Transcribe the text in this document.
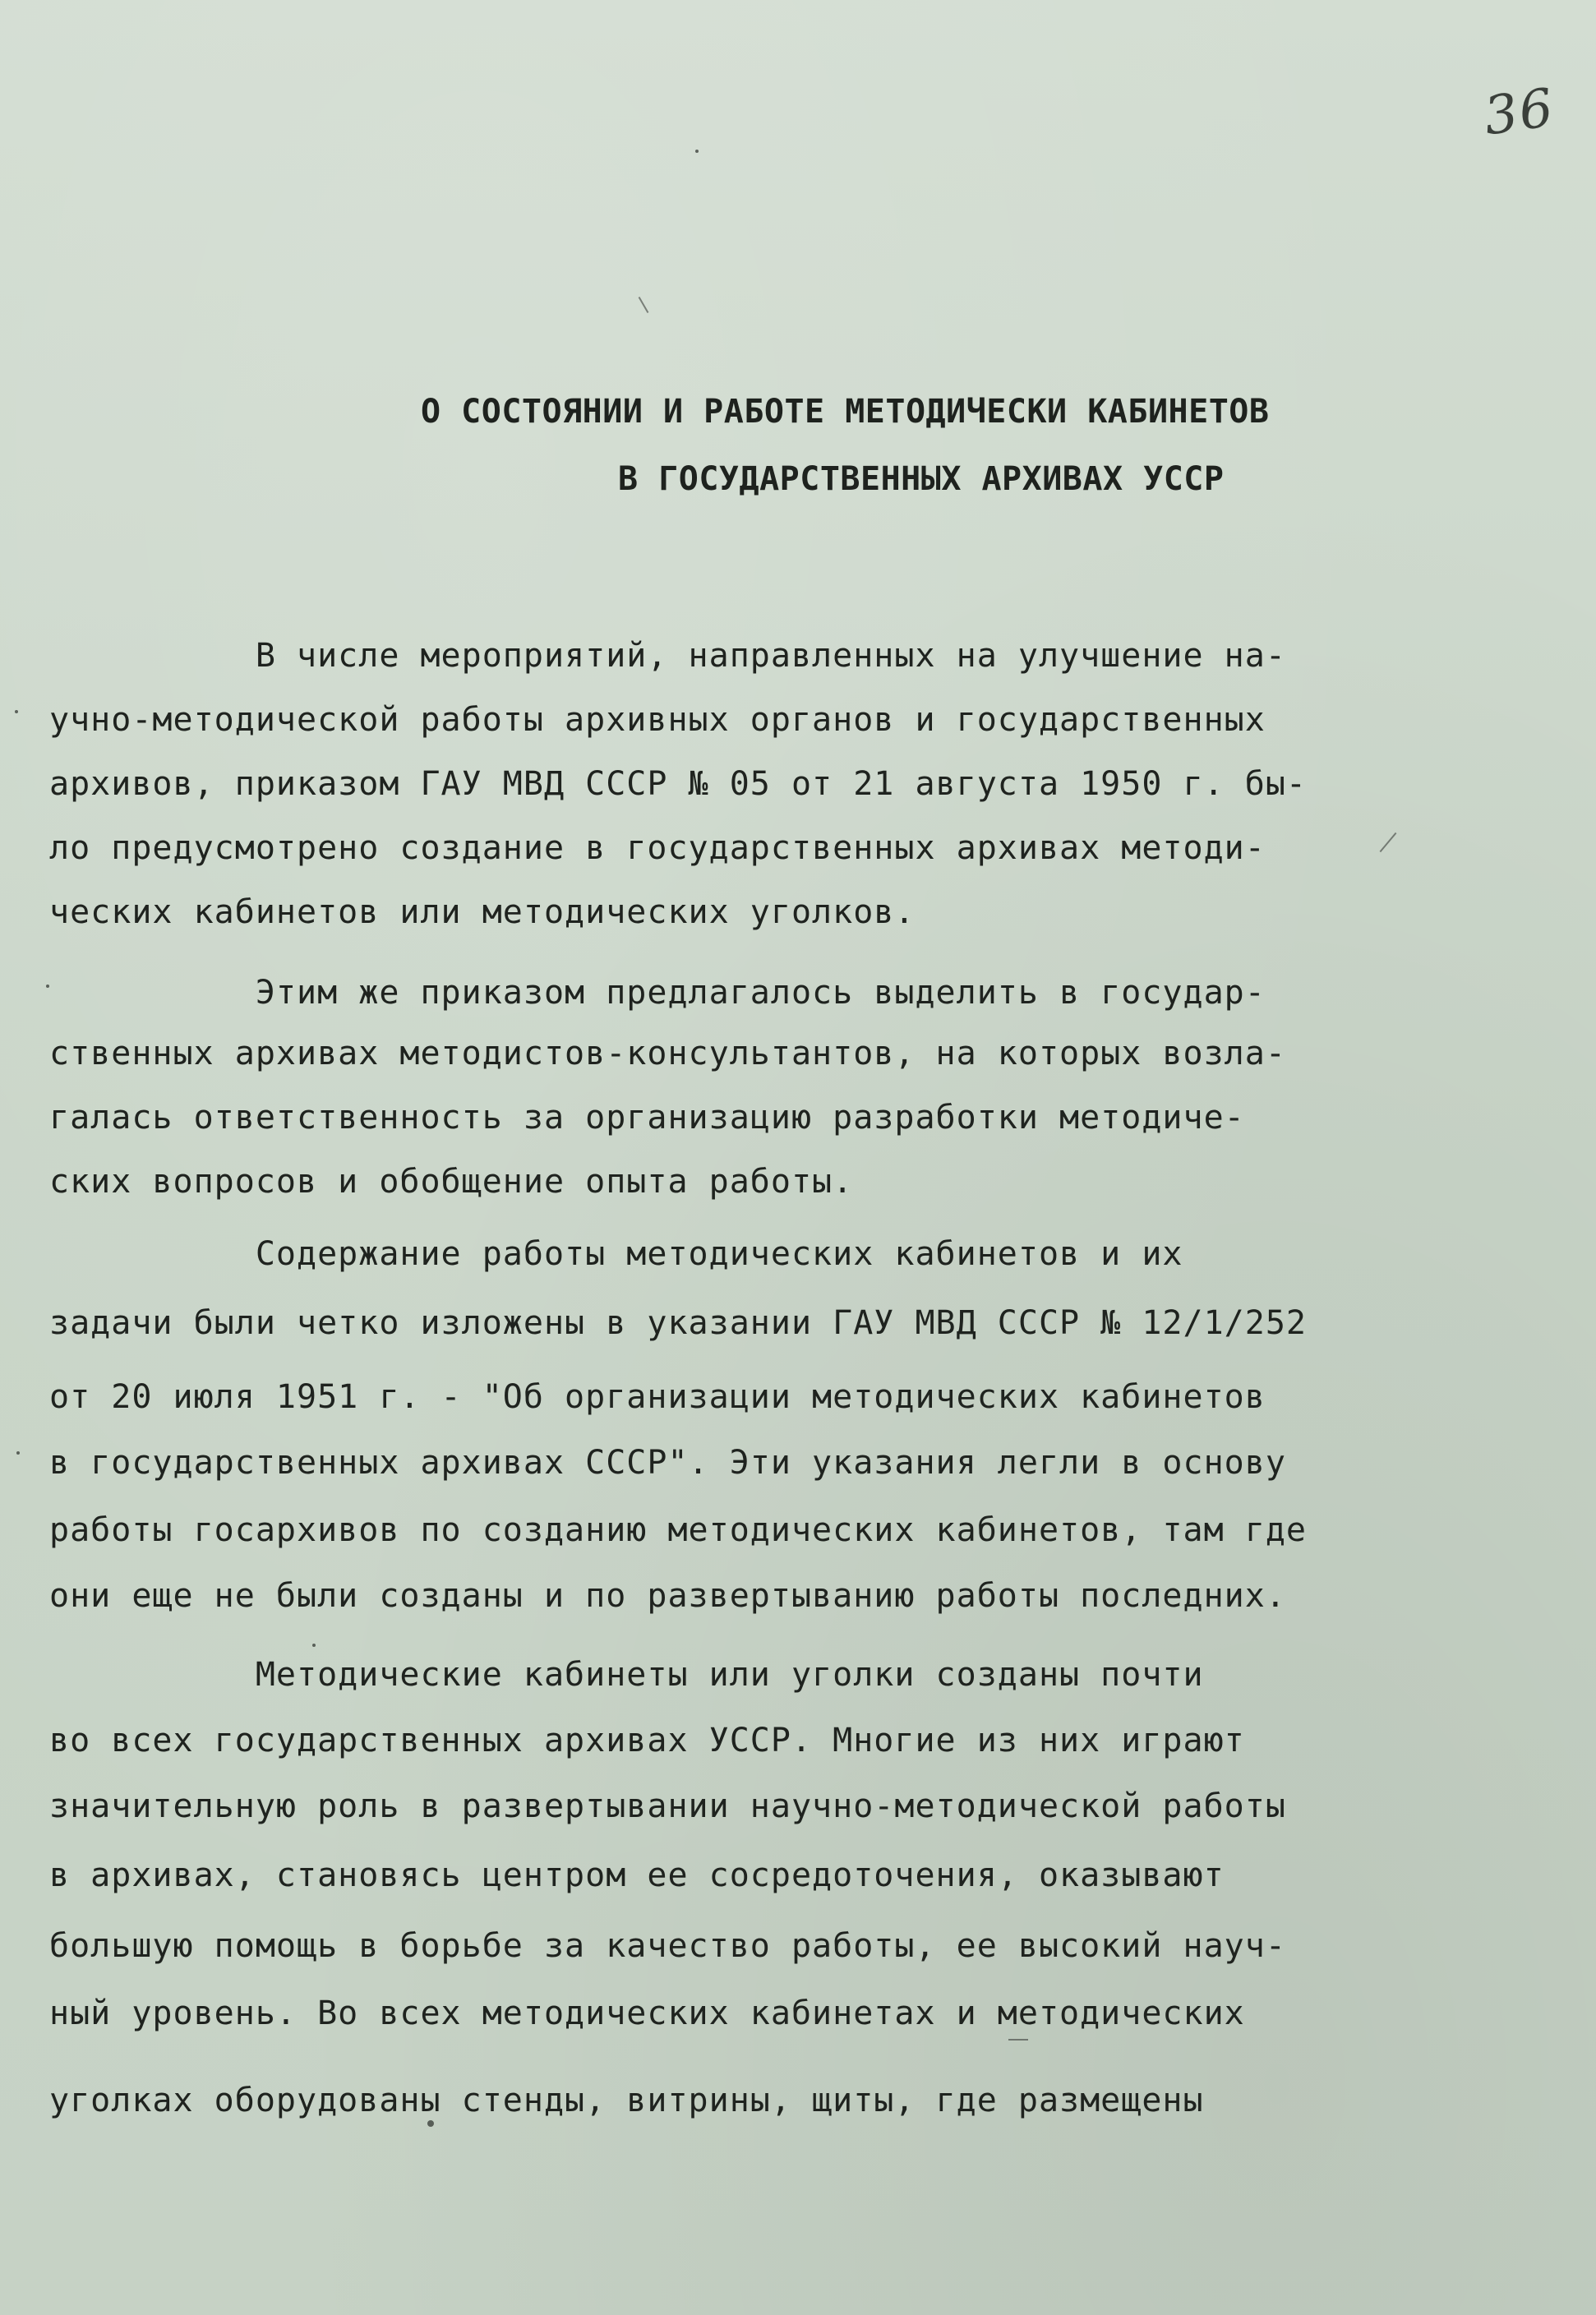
36
О СОСТОЯНИИ И РАБОТЕ МЕТОДИЧЕСКИ КАБИНЕТОВ
В ГОСУДАРСТВЕННЫХ АРХИВАХ УССР
В числе мероприятий, направленных на улучшение на-
учно-методической работы архивных органов и государственных
архивов, приказом ГАУ МВД СССР № 05 от 21 августа 1950 г. бы-
ло предусмотрено создание в государственных архивах методи-
ческих кабинетов или методических уголков.
Этим же приказом предлагалось выделить в государ-
ственных архивах методистов-консультантов, на которых возла-
галась ответственность за организацию разработки методиче-
ских вопросов и обобщение опыта работы.
Содержание работы методических кабинетов и их
задачи были четко изложены в указании ГАУ МВД СССР № 12/1/252
от 20 июля 1951 г. - "Об организации методических кабинетов
в государственных архивах СССР". Эти указания легли в основу
работы госархивов по созданию методических кабинетов, там где
они еще не были созданы и по развертыванию работы последних.
Методические кабинеты или уголки созданы почти
во всех государственных архивах УССР. Многие из них играют
значительную роль в развертывании научно-методической работы
в архивах, становясь центром ее сосредоточения, оказывают
большую помощь в борьбе за качество работы, ее высокий науч-
ный уровень. Во всех методических кабинетах и методических
уголках оборудованы стенды, витрины, щиты, где размещены
